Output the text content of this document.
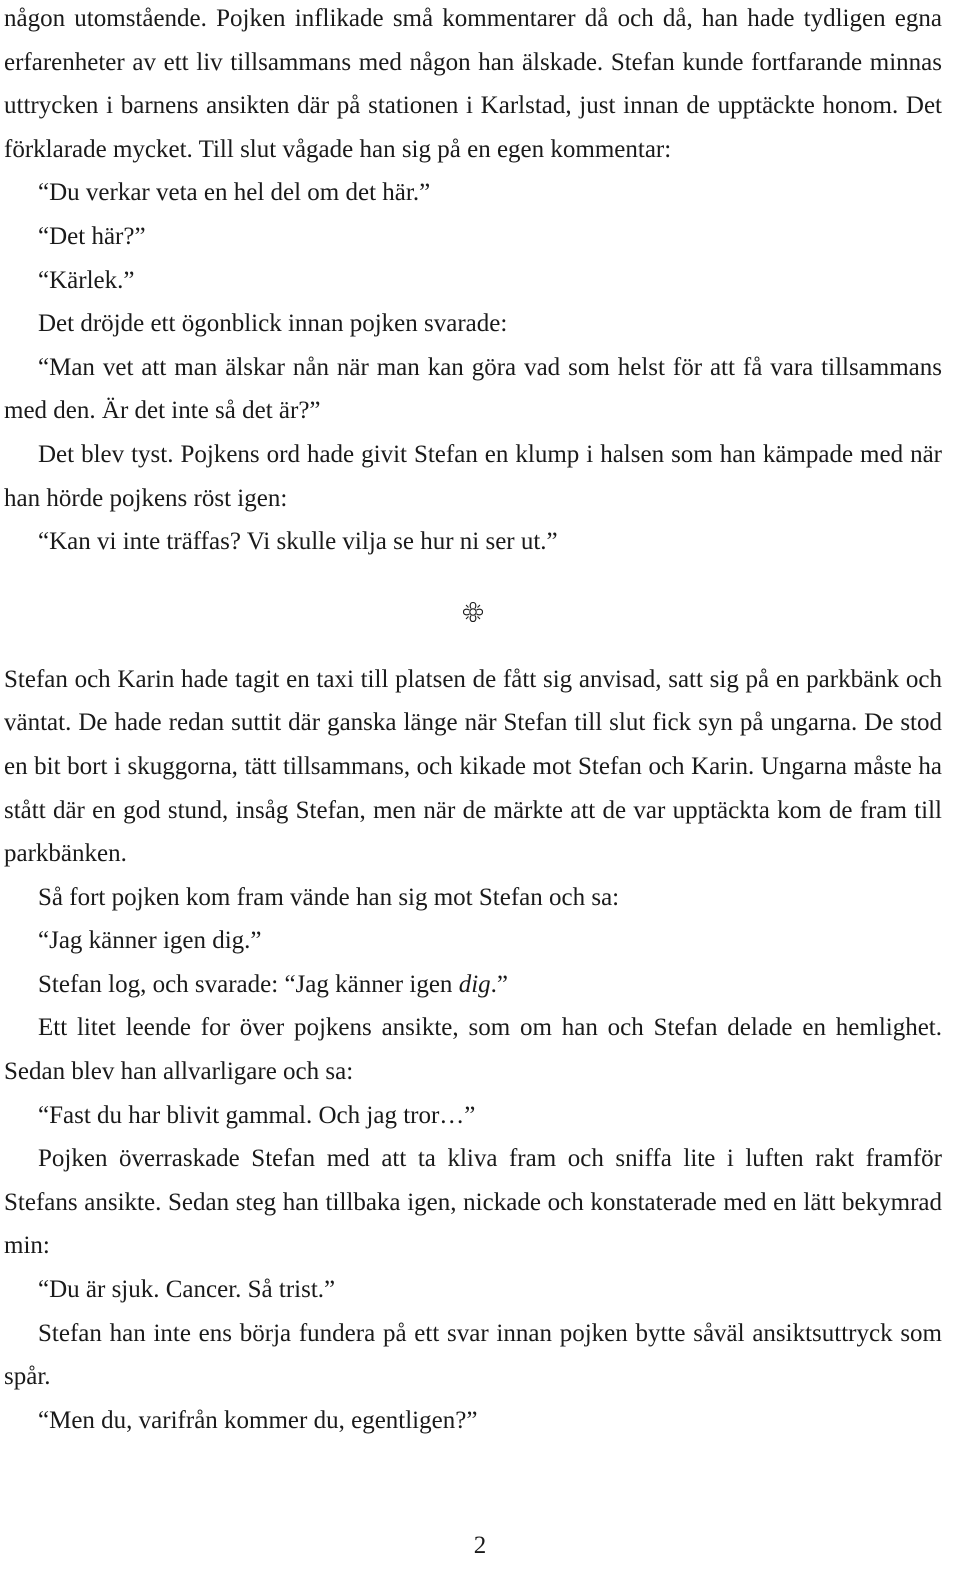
någon utomstående. Pojken inflikade små kommentarer då och då, han hade tydligen egna erfarenheter av ett liv tillsammans med någon han älskade. Stefan kunde fortfarande minnas uttrycken i barnens ansikten där på stationen i Karlstad, just innan de upptäckte honom. Det förklarade mycket. Till slut vågade han sig på en egen kommentar:

“Du verkar veta en hel del om det här.”

“Det här?”

“Kärlek.”

Det dröjde ett ögonblick innan pojken svarade:

“Man vet att man älskar nån när man kan göra vad som helst för att få vara tillsammans med den. Är det inte så det är?”

Det blev tyst. Pojkens ord hade givit Stefan en klump i halsen som han kämpade med när han hörde pojkens röst igen:

“Kan vi inte träffas? Vi skulle vilja se hur ni ser ut.”

Stefan och Karin hade tagit en taxi till platsen de fått sig anvisad, satt sig på en parkbänk och väntat. De hade redan suttit där ganska länge när Stefan till slut fick syn på ungarna. De stod en bit bort i skuggorna, tätt tillsammans, och kikade mot Stefan och Karin. Ungarna måste ha stått där en god stund, insåg Stefan, men när de märkte att de var upptäckta kom de fram till parkbänken.

Så fort pojken kom fram vände han sig mot Stefan och sa:

“Jag känner igen dig.”

Stefan log, och svarade: “Jag känner igen dig.”

Ett litet leende for över pojkens ansikte, som om han och Stefan delade en hemlighet. Sedan blev han allvarligare och sa:

“Fast du har blivit gammal. Och jag tror…”

Pojken överraskade Stefan med att ta kliva fram och sniffa lite i luften rakt framför Stefans ansikte. Sedan steg han tillbaka igen, nickade och konstaterade med en lätt bekymrad min:

“Du är sjuk. Cancer. Så trist.”

Stefan han inte ens börja fundera på ett svar innan pojken bytte såväl ansiktsuttryck som spår.

“Men du, varifrån kommer du, egentligen?”

2
